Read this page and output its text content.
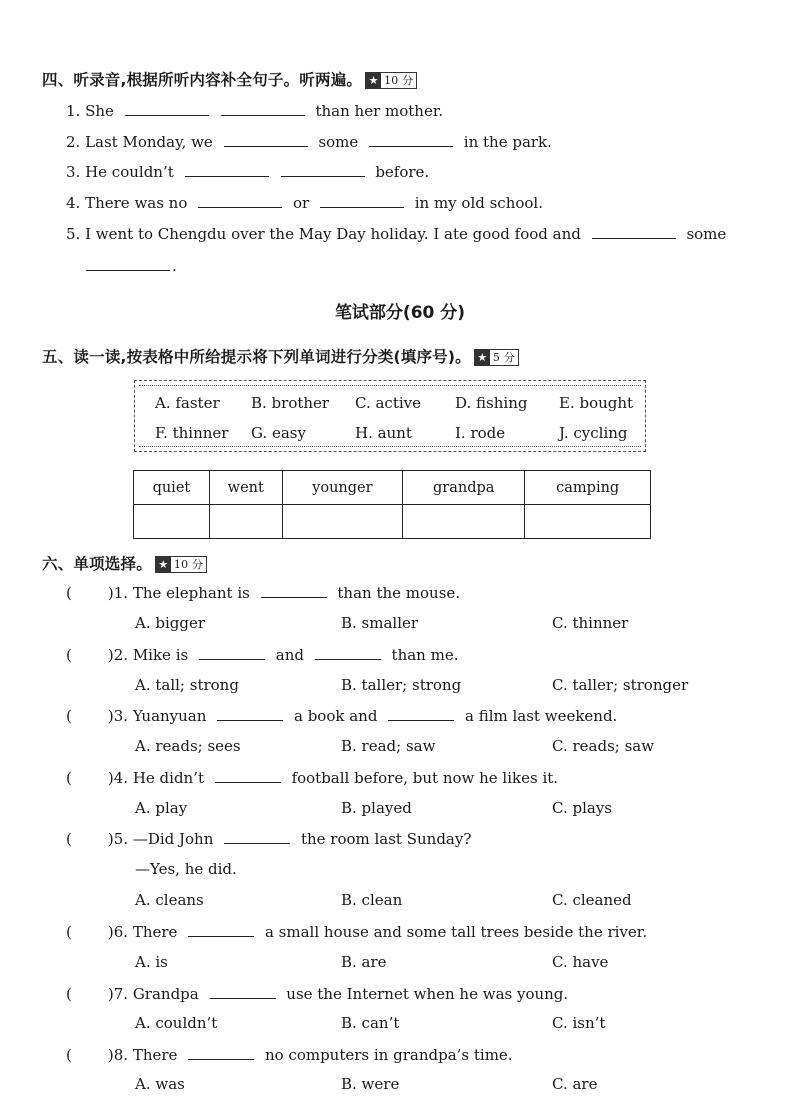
四、听录音,根据所听内容补全句子。听两遍。 ★ 10 分
1. She	than her mother.
2. Last Monday, we	some	in the park.
3. He couldn’t	before.
4. There was no	or	in my old school.
5. I went to Chengdu over the May Day holiday. I ate good food and	some
.
笔试部分(60 分)
五、读一读,按表格中所给提示将下列单词进行分类(填序号)。 ★ 5 分
A. faster B. brother C. active D. fishing E. bought
F. thinner G. easy	H. aunt	I. rode	J. cycling
quiet	went	younger	grandpa	camping

六、单项选择。 ★ 10 分
( )1. The elephant is	than the mouse.
A. bigger	B. smaller	C. thinner
( )2. Mike is	and	than me.
A. tall; strong	B. taller; strong	C. taller; stronger
( )3. Yuanyuan	a book and	a film last weekend.
A. reads; sees	B. read; saw	C. reads; saw
( )4. He didn’t	football before, but now he likes it.
A. play	B. played	C. plays
( )5. —Did John	the room last Sunday?
—Yes, he did.
A. cleans	B. clean	C. cleaned
( )6. There	a small house and some tall trees beside the river.
A. is	B. are	C. have
( )7. Grandpa	use the Internet when he was young.
A. couldn’t	B. can’t	C. isn’t
( )8. There	no computers in grandpa’s time.
A. was	B. were	C. are
